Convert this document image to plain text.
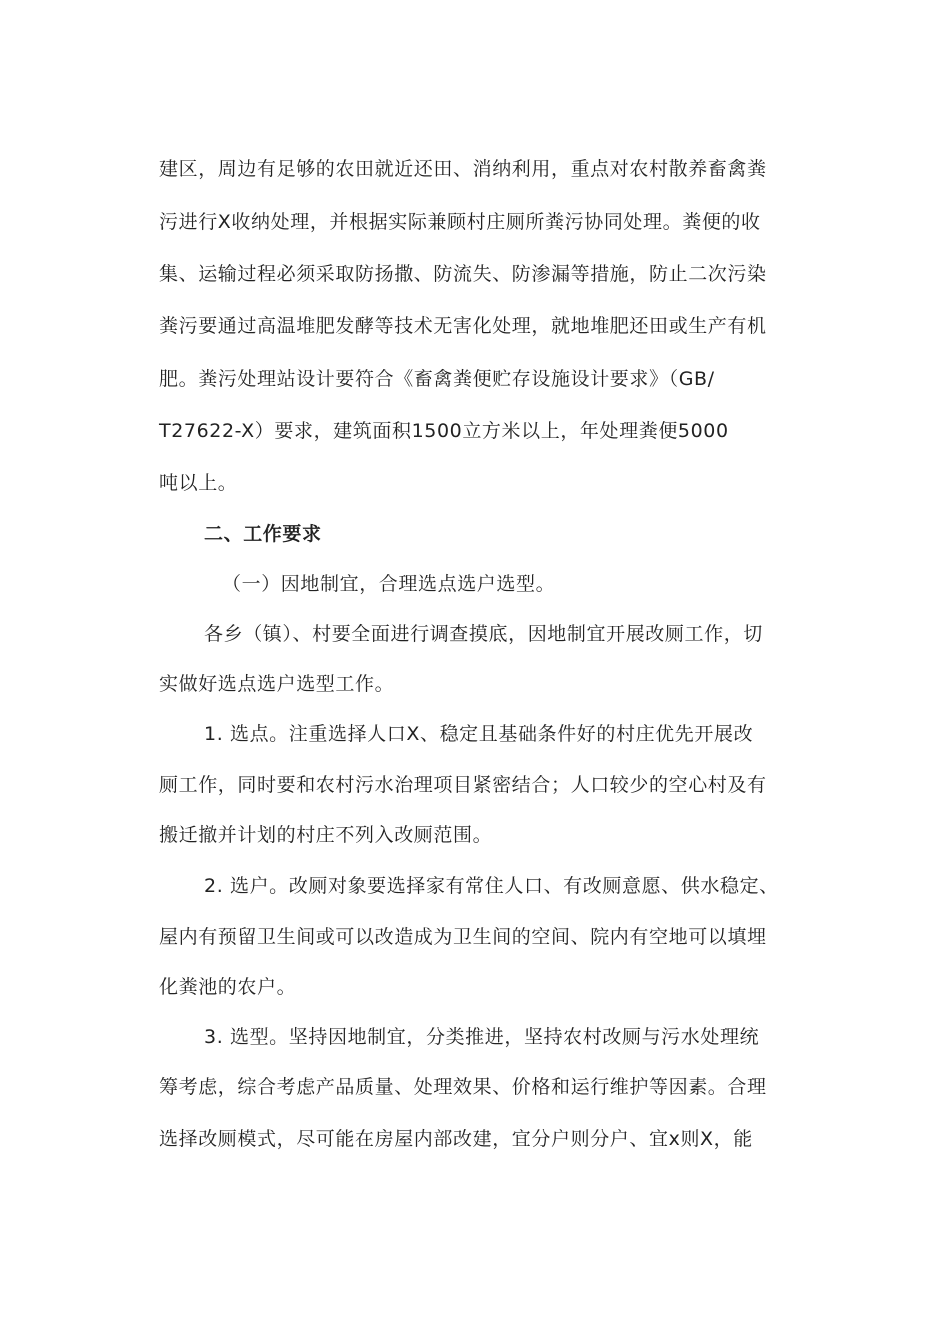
建区，周边有足够的农田就近还田、消纳利用，重点对农村散养畜禽粪
污进行X收纳处理，并根据实际兼顾村庄厕所粪污协同处理。粪便的收
集、运输过程必须采取防扬撒、防流失、防渗漏等措施，防止二次污染
粪污要通过高温堆肥发酵等技术无害化处理，就地堆肥还田或生产有机
肥。粪污处理站设计要符合《畜禽粪便贮存设施设计要求》（GB/
T27622-X）要求，建筑面积1500立方米以上，年处理粪便5000
吨以上。
二、工作要求
（一）因地制宜，合理选点选户选型。
各乡（镇）、村要全面进行调查摸底，因地制宜开展改厕工作，切
实做好选点选户选型工作。
1. 选点。注重选择人口X、稳定且基础条件好的村庄优先开展改
厕工作，同时要和农村污水治理项目紧密结合；人口较少的空心村及有
搬迁撤并计划的村庄不列入改厕范围。
2. 选户。改厕对象要选择家有常住人口、有改厕意愿、供水稳定、
屋内有预留卫生间或可以改造成为卫生间的空间、院内有空地可以填埋
化粪池的农户。
3. 选型。坚持因地制宜，分类推进，坚持农村改厕与污水处理统
筹考虑，综合考虑产品质量、处理效果、价格和运行维护等因素。合理
选择改厕模式，尽可能在房屋内部改建，宜分户则分户、宜x则X，能
